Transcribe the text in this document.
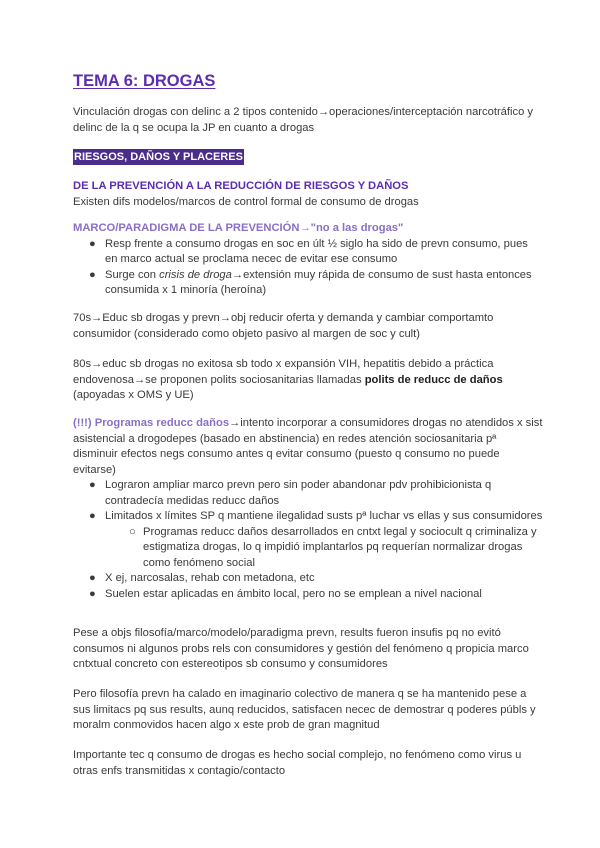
TEMA 6: DROGAS

Vinculación drogas con delinc a 2 tipos contenido→operaciones/interceptación narcotráfico y delinc de la q se ocupa la JP en cuanto a drogas

RIESGOS, DAÑOS Y PLACERES
DE LA PREVENCIÓN A LA REDUCCIÓN DE RIESGOS Y DAÑOS
Existen difs modelos/marcos de control formal de consumo de drogas
MARCO/PARADIGMA DE LA PREVENCIÓN→"no a las drogas"
● Resp frente a consumo drogas en soc en últ ½ siglo ha sido de prevn consumo, pues en marco actual se proclama necec de evitar ese consumo
● Surge con crisis de droga→extensión muy rápida de consumo de sust hasta entonces consumida x 1 minoría (heroína)

70s→Educ sb drogas y prevn→obj reducir oferta y demanda y cambiar comportamto consumidor (considerado como objeto pasivo al margen de soc y cult)

80s→educ sb drogas no exitosa sb todo x expansión VIH, hepatitis debido a práctica endovenosa→se proponen polits sociosanitarias llamadas polits de reducc de daños (apoyadas x OMS y UE)

(!!!) Programas reducc daños→intento incorporar a consumidores drogas no atendidos x sist asistencial a drogodepes (basado en abstinencia) en redes atención sociosanitaria pª disminuir efectos negs consumo antes q evitar consumo (puesto q consumo no puede evitarse)

● Lograron ampliar marco prevn pero sin poder abandonar pdv prohibicionista q contradecía medidas reducc daños
● Limitados x límites SP q mantiene ilegalidad susts pª luchar vs ellas y sus consumidores
○ Programas reducc daños desarrollados en cntxt legal y sociocult q criminaliza y estigmatiza drogas, lo q impidió implantarlos pq requerían normalizar drogas como fenómeno social
● X ej, narcosalas, rehab con metadona, etc
● Suelen estar aplicadas en ámbito local, pero no se emplean a nivel nacional

Pese a objs filosofía/marco/modelo/paradigma prevn, results fueron insufis pq no evitó consumos ni algunos probs rels con consumidores y gestión del fenómeno q propicia marco cntxtual concreto con estereotipos sb consumo y consumidores

Pero filosofía prevn ha calado en imaginario colectivo de manera q se ha mantenido pese a sus limitacs pq sus results, aunq reducidos, satisfacen necec de demostrar q poderes públs y moralm conmovidos hacen algo x este prob de gran magnitud

Importante tec q consumo de drogas es hecho social complejo, no fenómeno como virus u otras enfs transmitidas x contagio/contacto
